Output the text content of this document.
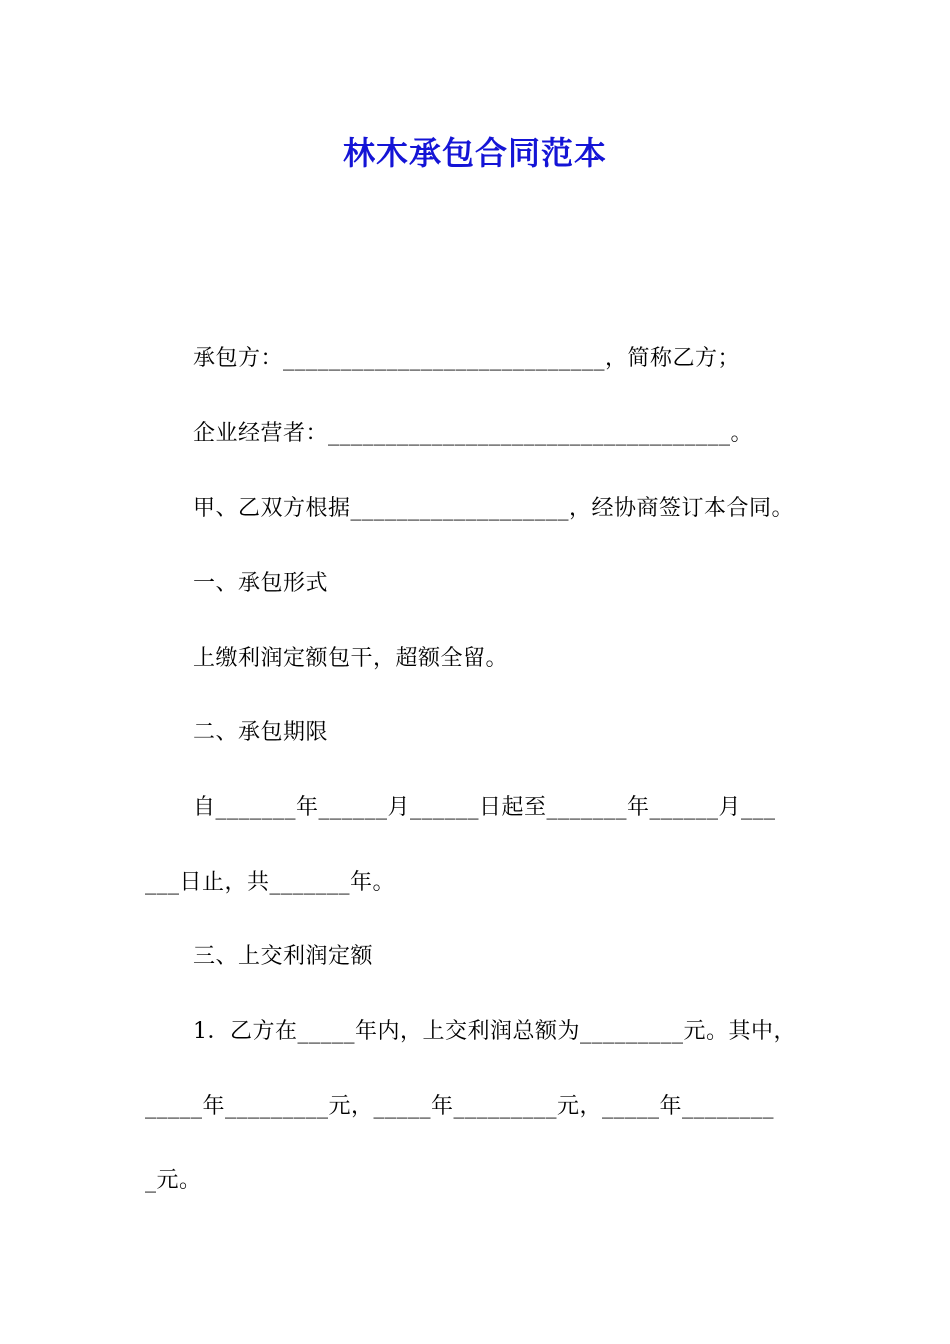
林木承包合同范本
承包方：____________________________，简称乙方；
企业经营者：___________________________________。
甲、乙双方根据___________________，经协商签订本合同。
一、承包形式
上缴利润定额包干，超额全留。
二、承包期限
自_______年______月______日起至_______年______月___
___日止，共_______年。
三、上交利润定额
1．乙方在_____年内，上交利润总额为_________元。其中，
_____年_________元，_____年_________元，_____年________
_元。
